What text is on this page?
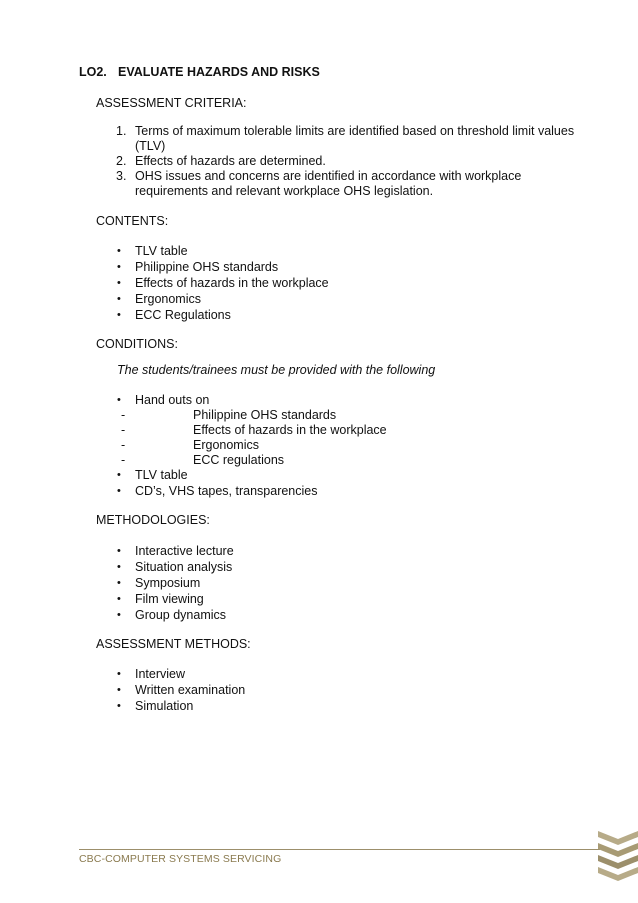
LO2. EVALUATE HAZARDS AND RISKS
ASSESSMENT CRITERIA:
1. Terms of maximum tolerable limits are identified based on threshold limit values
(TLV)
2. Effects of hazards are determined.
3. OHS issues and concerns are identified in accordance with workplace
requirements and relevant workplace OHS legislation.
CONTENTS:
• TLV table
• Philippine OHS standards
• Effects of hazards in the workplace
• Ergonomics
• ECC Regulations
CONDITIONS:
The students/trainees must be provided with the following
• Hand outs on
-	Philippine OHS standards
-	Effects of hazards in the workplace
-	Ergonomics
-	ECC regulations
• TLV table
• CD’s, VHS tapes, transparencies
METHODOLOGIES:
• Interactive lecture
• Situation analysis
• Symposium
• Film viewing
• Group dynamics
ASSESSMENT METHODS:
• Interview
• Written examination
• Simulation
CBC-COMPUTER SYSTEMS SERVICING
